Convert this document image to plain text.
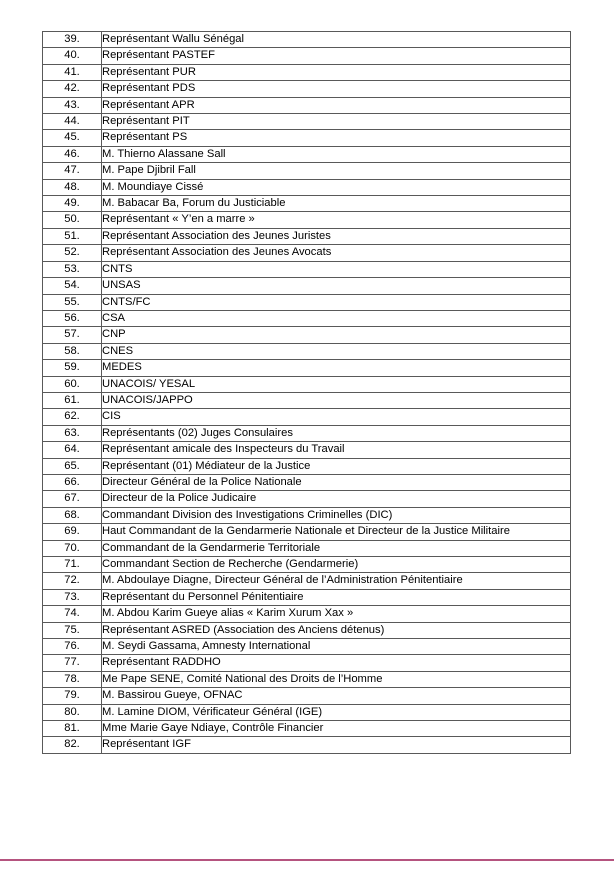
39.	Représentant Wallu Sénégal
40.	Représentant PASTEF
41.	Représentant PUR
42.	Représentant PDS
43.	Représentant APR
44.	Représentant PIT
45.	Représentant PS
46.	M. Thierno Alassane Sall
47.	M. Pape Djibril Fall
48.	M. Moundiaye Cissé
49.	M. Babacar Ba, Forum du Justiciable
50.	Représentant « Y’en a marre »
51.	Représentant Association des Jeunes Juristes
52.	Représentant Association des Jeunes Avocats
53.	CNTS
54.	UNSAS
55.	CNTS/FC
56.	CSA
57.	CNP
58.	CNES
59.	MEDES
60.	UNACOIS/ YESAL
61.	UNACOIS/JAPPO
62.	CIS
63.	Représentants (02) Juges Consulaires
64.	Représentant amicale des Inspecteurs du Travail
65.	Représentant (01) Médiateur de la Justice
66.	Directeur Général de la Police Nationale
67.	Directeur de la Police Judicaire
68.	Commandant Division des Investigations Criminelles (DIC)
69.	Haut Commandant de la Gendarmerie Nationale et Directeur de la Justice Militaire
70.	Commandant de la Gendarmerie Territoriale
71.	Commandant Section de Recherche (Gendarmerie)
72.	M. Abdoulaye Diagne, Directeur Général de l’Administration Pénitentiaire
73.	Représentant du Personnel Pénitentiaire
74.	M. Abdou Karim Gueye alias « Karim Xurum Xax »
75.	Représentant ASRED (Association des Anciens détenus)
76.	M. Seydi Gassama, Amnesty International
77.	Représentant RADDHO
78.	Me Pape SENE, Comité National des Droits de l’Homme
79.	M. Bassirou Gueye, OFNAC
80.	M. Lamine DIOM, Vérificateur Général (IGE)
81.	Mme Marie Gaye Ndiaye, Contrôle Financier
82.	Représentant IGF
